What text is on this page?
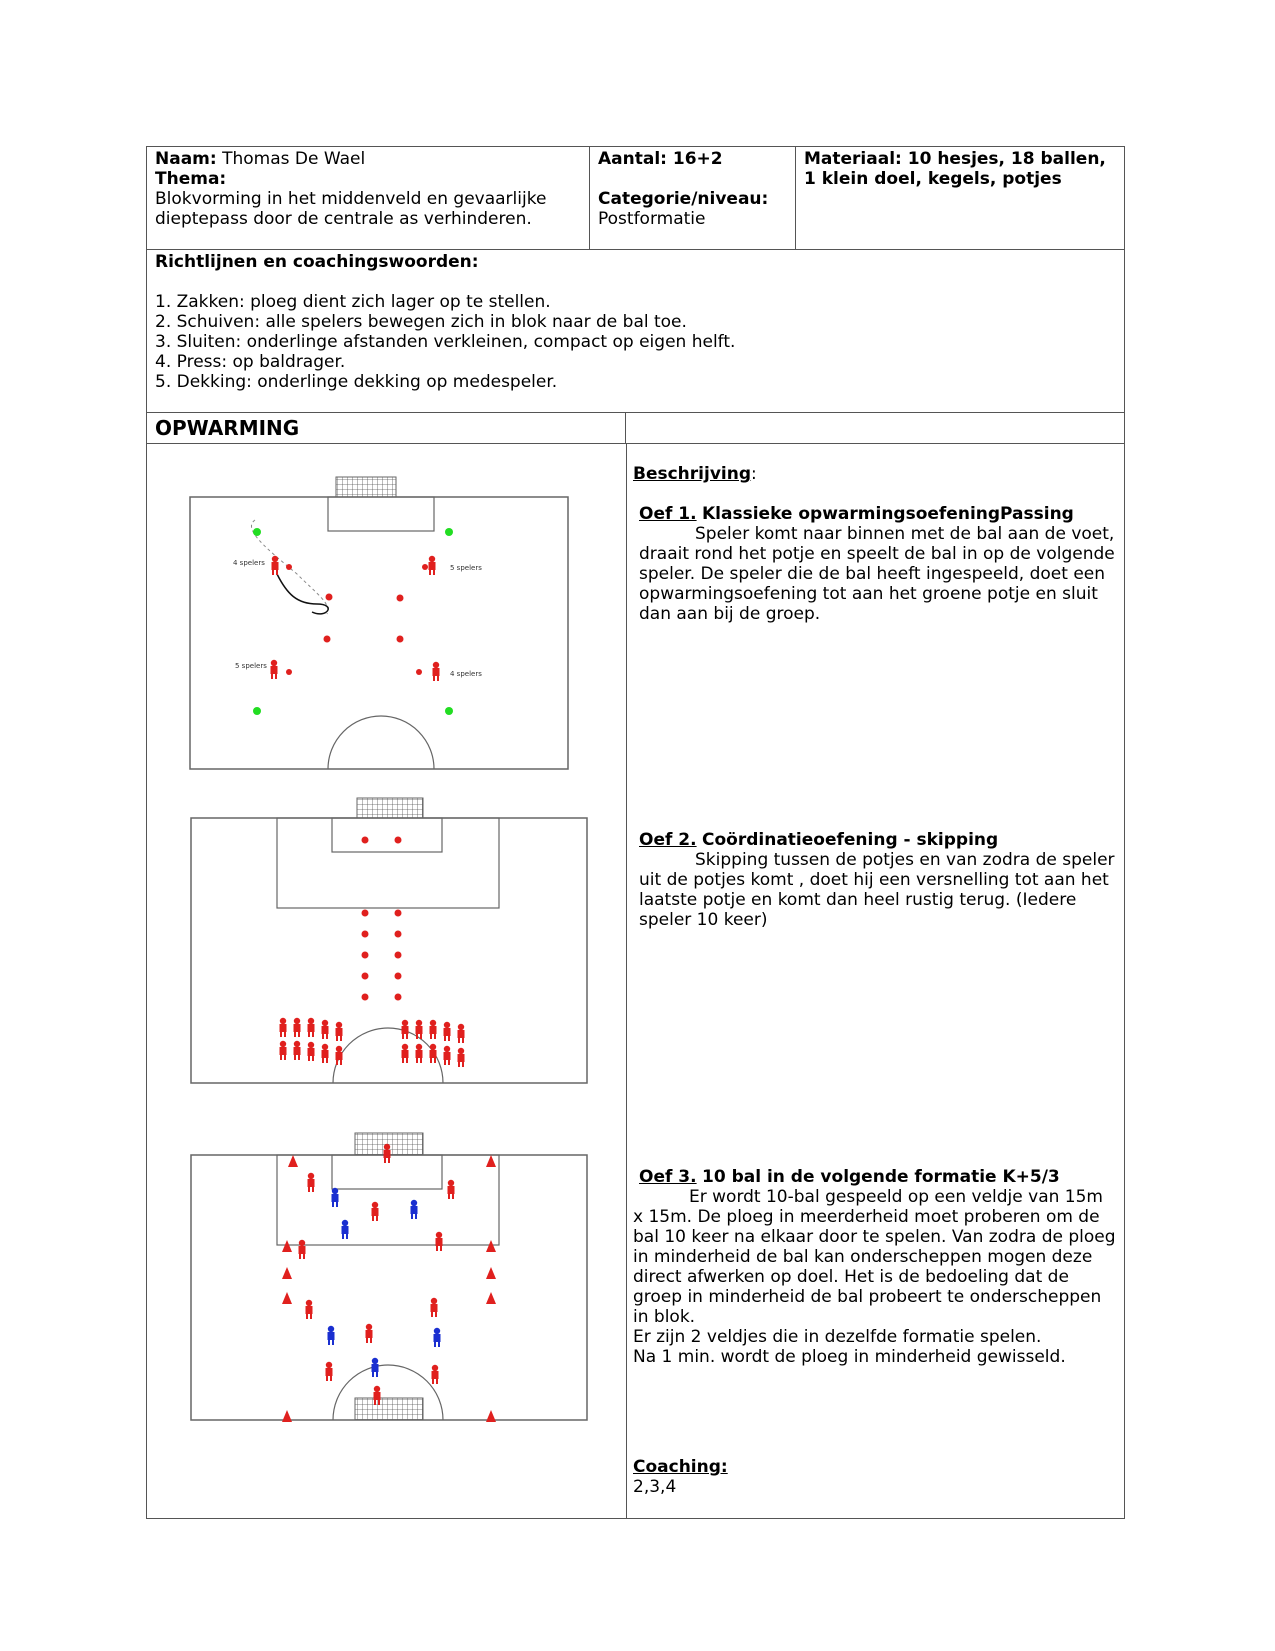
Naam: Thomas De Wael
Thema:
Blokvorming in het middenveld en gevaarlijke dieptepass door de centrale as verhinderen.
Aantal: 16+2
Categorie/niveau:
Postformatie
Materiaal: 10 hesjes, 18 ballen, 1 klein doel, kegels, potjes
Richtlijnen en coachingswoorden:
1. Zakken: ploeg dient zich lager op te stellen.
2. Schuiven: alle spelers bewegen zich in blok naar de bal toe.
3. Sluiten: onderlinge afstanden verkleinen, compact op eigen helft.
4. Press: op baldrager.
5. Dekking: onderlinge dekking op medespeler.
OPWARMING
4 spelers
5 spelers
5 spelers
4 spelers
Beschrijving:
Oef 1. Klassieke opwarmingsoefeningPassing
Speler komt naar binnen met de bal aan de voet, draait rond het potje en speelt de bal in op de volgende speler. De speler die de bal heeft ingespeeld, doet een opwarmingsoefening tot aan het groene potje en sluit dan aan bij de groep.
Oef 2. Coördinatieoefening - skipping
Skipping tussen de potjes en van zodra de speler uit de potjes komt , doet hij een versnelling tot aan het laatste potje en komt dan heel rustig terug. (Iedere speler 10 keer)
Oef 3. 10 bal in de volgende formatie K+5/3
Er wordt 10-bal gespeeld op een veldje van 15m x 15m. De ploeg in meerderheid moet proberen om de bal 10 keer na elkaar door te spelen. Van zodra de ploeg in minderheid de bal kan onderscheppen mogen deze direct afwerken op doel. Het is de bedoeling dat de groep in minderheid de bal probeert te onderscheppen in blok.
Er zijn 2 veldjes die in dezelfde formatie spelen.
Na 1 min. wordt de ploeg in minderheid gewisseld.
Coaching:
2,3,4
